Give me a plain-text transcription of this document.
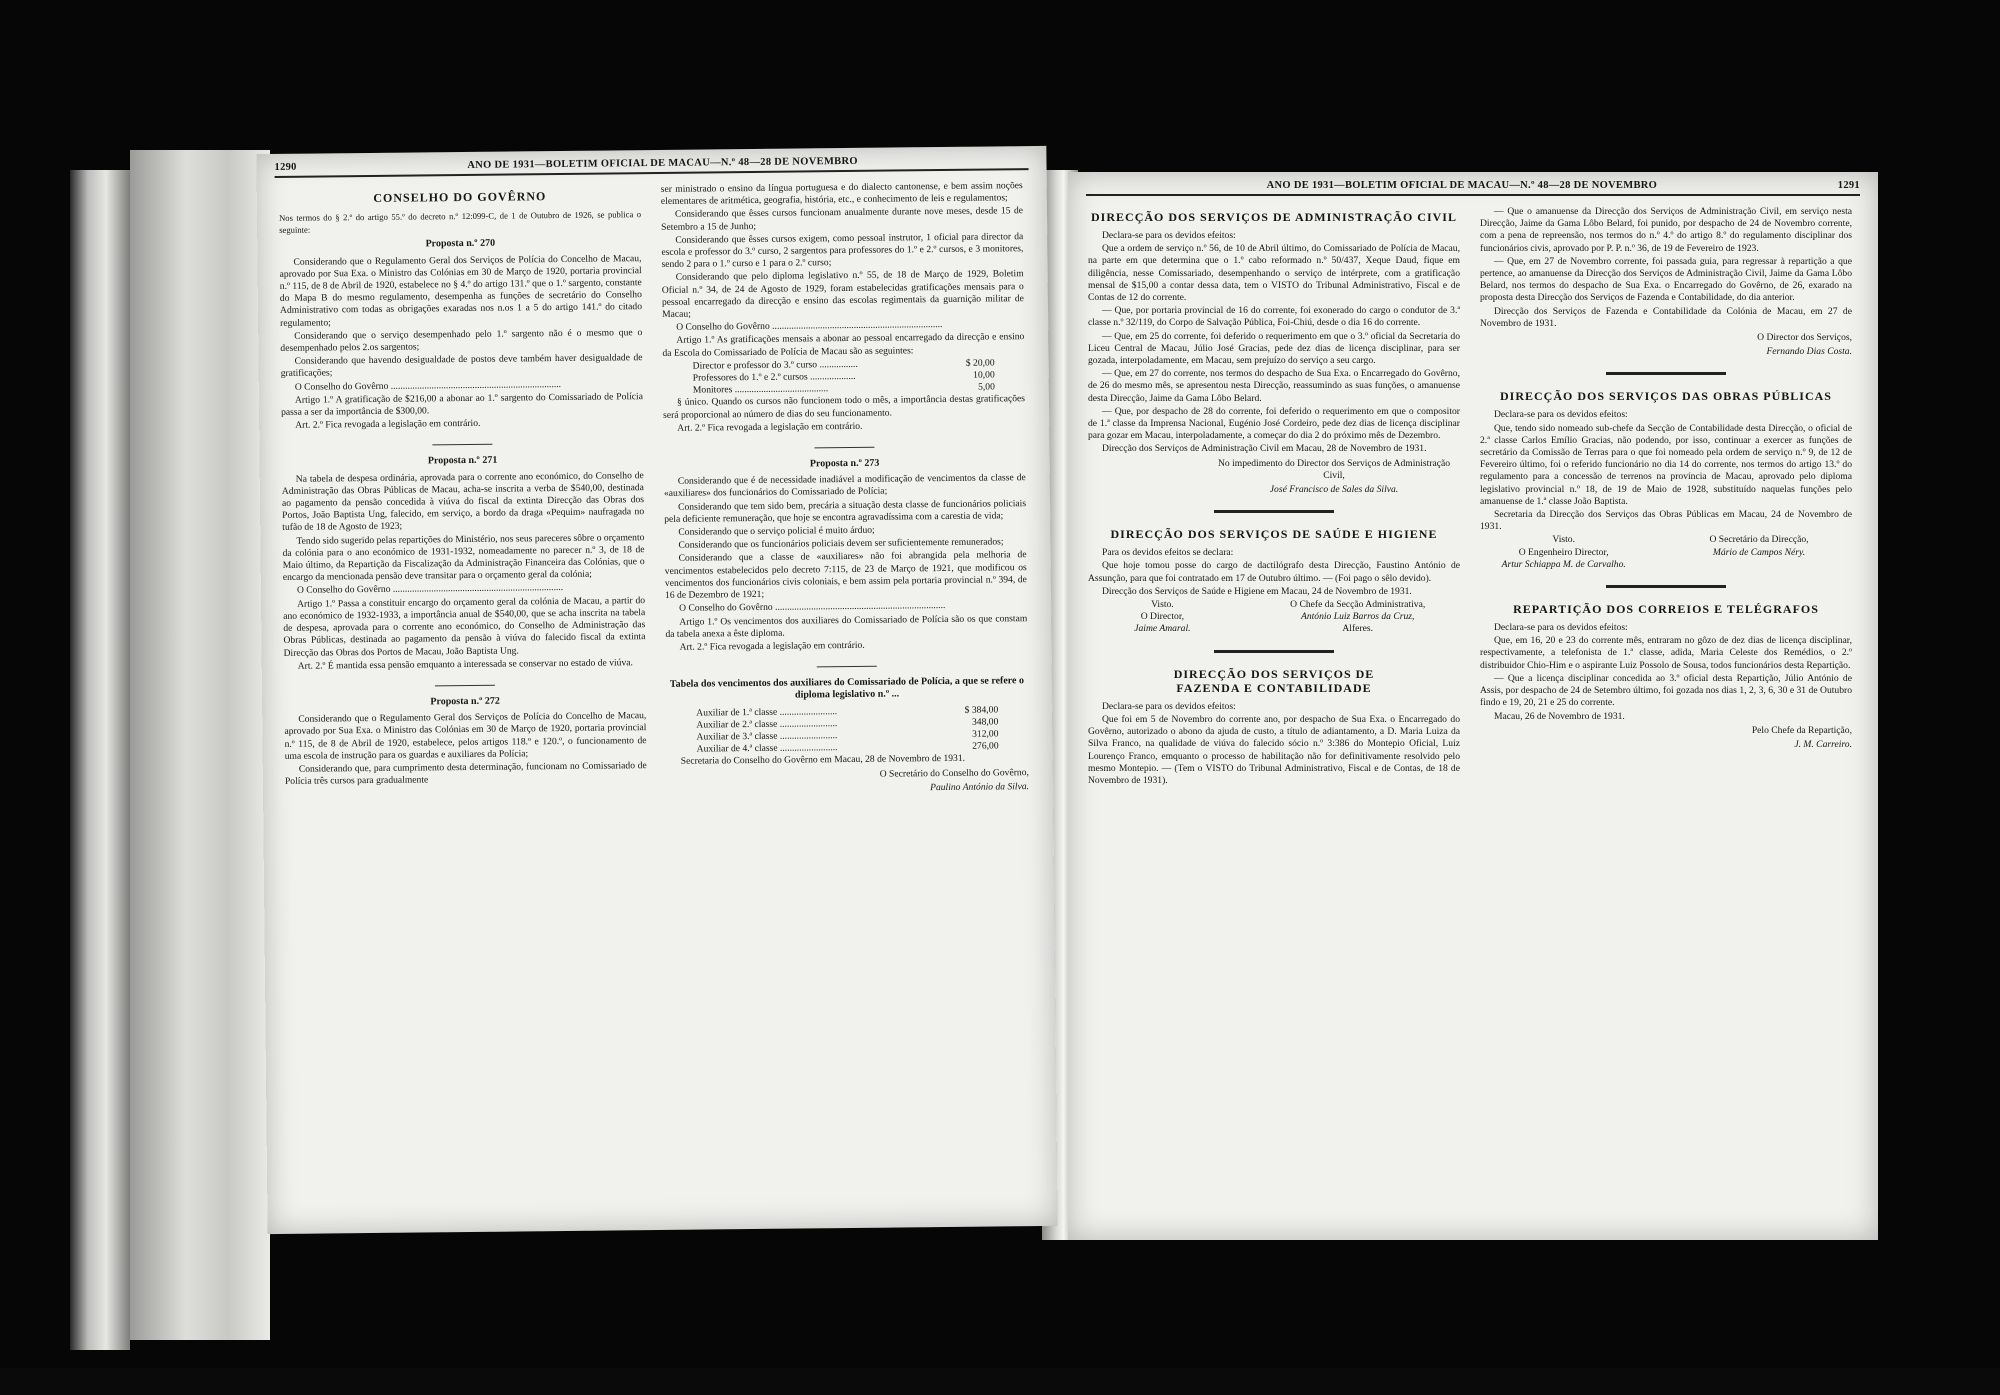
1290	ANO DE 1931—BOLETIM OFICIAL DE MACAU—N.º 48—28 DE NOVEMBRO
CONSELHO DO GOVÊRNO

Nos termos do § 2.º do artigo 55.º do decreto n.º 12:099-C, de 1 de Outubro de 1926, se publica o seguinte:

Proposta n.º 270

Considerando que o Regulamento Geral dos Serviços de Polícia do Concelho de Macau, aprovado por Sua Exa. o Ministro das Colónias em 30 de Março de 1920, portaria provincial n.º 115, de 8 de Abril de 1920, estabelece no § 4.º do artigo 131.º que o 1.º sargento, constante do Mapa B do mesmo regulamento, desempenha as funções de secretário do Conselho Administrativo com todas as obrigações exaradas nos n.os 1 a 5 do artigo 141.º do citado regulamento;

Considerando que o serviço desempenhado pelo 1.º sargento não é o mesmo que o desempenhado pelos 2.os sargentos;

Considerando que havendo desigualdade de postos deve também haver desigualdade de gratificações;

O Conselho do Govêrno .......................................................................

Artigo 1.º A gratificação de $216,00 a abonar ao 1.º sargento do Comissariado de Polícia passa a ser da importância de $300,00.

Art. 2.º Fica revogada a legislação em contrário.

Proposta n.º 271

Na tabela de despesa ordinária, aprovada para o corrente ano económico, do Conselho de Administração das Obras Públicas de Macau, acha-se inscrita a verba de $540,00, destinada ao pagamento da pensão concedida à viúva do fiscal da extinta Direcção das Obras dos Portos, João Baptista Ung, falecido, em serviço, a bordo da draga «Pequim» naufragada no tufão de 18 de Agosto de 1923;

Tendo sido sugerido pelas repartições do Ministério, nos seus pareceres sôbre o orçamento da colónia para o ano económico de 1931-1932, nomeadamente no parecer n.º 3, de 18 de Maio último, da Repartição da Fiscalização da Administração Financeira das Colónias, que o encargo da mencionada pensão deve transitar para o orçamento geral da colónia;

O Conselho do Govêrno .......................................................................

Artigo 1.º Passa a constituir encargo do orçamento geral da colónia de Macau, a partir do ano económico de 1932-1933, a importância anual de $540,00, que se acha inscrita na tabela de despesa, aprovada para o corrente ano económico, do Conselho de Administração das Obras Públicas, destinada ao pagamento da pensão à viúva do falecido fiscal da extinta Direcção das Obras dos Portos de Macau, João Baptista Ung.

Art. 2.º É mantida essa pensão emquanto a interessada se conservar no estado de viúva.

Proposta n.º 272

Considerando que o Regulamento Geral dos Serviços de Polícia do Concelho de Macau, aprovado por Sua Exa. o Ministro das Colónias em 30 de Março de 1920, portaria provincial n.º 115, de 8 de Abril de 1920, estabelece, pelos artigos 118.º e 120.º, o funcionamento de uma escola de instrução para os guardas e auxiliares da Polícia;

Considerando que, para cumprimento desta determinação, funcionam no Comissariado de Polícia três cursos para gradualmente

ser ministrado o ensino da língua portuguesa e do dialecto cantonense, e bem assim noções elementares de aritmética, geografia, história, etc., e conhecimento de leis e regulamentos;

Considerando que êsses cursos funcionam anualmente durante nove meses, desde 15 de Setembro a 15 de Junho;

Considerando que êsses cursos exigem, como pessoal instrutor, 1 oficial para director da escola e professor do 3.º curso, 2 sargentos para professores do 1.º e 2.º cursos, e 3 monitores, sendo 2 para o 1.º curso e 1 para o 2.º curso;

Considerando que pelo diploma legislativo n.º 55, de 18 de Março de 1929, Boletim Oficial n.º 34, de 24 de Agosto de 1929, foram estabelecidas gratificações mensais para o pessoal encarregado da direcção e ensino das escolas regimentais da guarnição militar de Macau;

O Conselho do Govêrno .......................................................................

Artigo 1.º As gratificações mensais a abonar ao pessoal encarregado da direcção e ensino da Escola do Comissariado de Polícia de Macau são as seguintes:

Director e professor do 3.º curso ................	$ 20,00
Professores do 1.º e 2.º cursos ...................	10,00
Monitores .......................................	5,00

§ único. Quando os cursos não funcionem todo o mês, a importância destas gratificações será proporcional ao número de dias do seu funcionamento.

Art. 2.º Fica revogada a legislação em contrário.

Proposta n.º 273

Considerando que é de necessidade inadiável a modificação de vencimentos da classe de «auxiliares» dos funcionários do Comissariado de Polícia;

Considerando que tem sido bem, precária a situação desta classe de funcionários policiais pela deficiente remuneração, que hoje se encontra agravadíssima com a carestia de vida;

Considerando que o serviço policial é muito árduo;

Considerando que os funcionários policiais devem ser suficientemente remunerados;

Considerando que a classe de «auxiliares» não foi abrangida pela melhoria de vencimentos estabelecidos pelo decreto 7:115, de 23 de Março de 1921, que modificou os vencimentos dos funcionários civis coloniais, e bem assim pela portaria provincial n.º 394, de 16 de Dezembro de 1921;

O Conselho do Govêrno .......................................................................

Artigo 1.º Os vencimentos dos auxiliares do Comissariado de Polícia são os que constam da tabela anexa a êste diploma.

Art. 2.º Fica revogada a legislação em contrário.

Tabela dos vencimentos dos auxiliares do Comissariado de Polícia, a que se refere o diploma legislativo n.º ...
Auxiliar de 1.ª classe ........................	$ 384,00
Auxiliar de 2.ª classe ........................	348,00
Auxiliar de 3.ª classe ........................	312,00
Auxiliar de 4.ª classe ........................	276,00

Secretaria do Conselho do Govêrno em Macau, 28 de Novembro de 1931.

O Secretário do Conselho do Govêrno,
Paulino António da Silva.
ANO DE 1931—BOLETIM OFICIAL DE MACAU—N.º 48—28 DE NOVEMBRO	1291
DIRECÇÃO DOS SERVIÇOS DE ADMINISTRAÇÃO CIVIL

Declara-se para os devidos efeitos:

Que a ordem de serviço n.º 56, de 10 de Abril último, do Comissariado de Polícia de Macau, na parte em que determina que o 1.º cabo reformado n.º 50/437, Xeque Daud, fique em diligência, nesse Comissariado, desempenhando o serviço de intérprete, com a gratificação mensal de $15,00 a contar dessa data, tem o VISTO do Tribunal Administrativo, Fiscal e de Contas de 12 do corrente.

— Que, por portaria provincial de 16 do corrente, foi exonerado do cargo o condutor de 3.ª classe n.º 32/119, do Corpo de Salvação Pública, Foi-Chiú, desde o dia 16 do corrente.

— Que, em 25 do corrente, foi deferido o requerimento em que o 3.º oficial da Secretaria do Liceu Central de Macau, Júlio José Gracias, pede dez dias de licença disciplinar, para ser gozada, interpoladamente, em Macau, sem prejuízo do serviço a seu cargo.

— Que, em 27 do corrente, nos termos do despacho de Sua Exa. o Encarregado do Govêrno, de 26 do mesmo mês, se apresentou nesta Direcção, reassumindo as suas funções, o amanuense desta Direcção, Jaime da Gama Lôbo Belard.

— Que, por despacho de 28 do corrente, foi deferido o requerimento em que o compositor de 1.ª classe da Imprensa Nacional, Eugénio José Cordeiro, pede dez dias de licença disciplinar para gozar em Macau, interpoladamente, a começar do dia 2 do próximo mês de Dezembro.

Direcção dos Serviços de Administração Civil em Macau, 28 de Novembro de 1931.

No impedimento do Director dos Serviços de Administração Civil,
José Francisco de Sales da Silva.
DIRECÇÃO DOS SERVIÇOS DE SAÚDE E HIGIENE

Para os devidos efeitos se declara:

Que hoje tomou posse do cargo de dactilógrafo desta Direcção, Faustino António de Assunção, para que foi contratado em 17 de Outubro último. — (Foi pago o sêlo devido).

Direcção dos Serviços de Saúde e Higiene em Macau, 24 de Novembro de 1931.

Visto.
O Director,
Jaime Amaral.
O Chefe da Secção Administrativa,
António Luiz Barros da Cruz,
Alferes.
DIRECÇÃO DOS SERVIÇOS DE FAZENDA E CONTABILIDADE

Declara-se para os devidos efeitos:

Que foi em 5 de Novembro do corrente ano, por despacho de Sua Exa. o Encarregado do Govêrno, autorizado o abono da ajuda de custo, a título de adiantamento, a D. Maria Luiza da Silva Franco, na qualidade de viúva do falecido sócio n.º 3:386 do Montepio Oficial, Luiz Lourenço Franco, emquanto o processo de habilitação não for definitivamente resolvido pelo mesmo Montepio. — (Tem o VISTO do Tribunal Administrativo, Fiscal e de Contas, de 18 de Novembro de 1931).

— Que o amanuense da Direcção dos Serviços de Administração Civil, em serviço nesta Direcção, Jaime da Gama Lôbo Belard, foi punido, por despacho de 24 de Novembro corrente, com a pena de repreensão, nos termos do n.º 4.º do artigo 8.º do regulamento disciplinar dos funcionários civis, aprovado por P. P. n.º 36, de 19 de Fevereiro de 1923.

— Que, em 27 de Novembro corrente, foi passada guia, para regressar à repartição a que pertence, ao amanuense da Direcção dos Serviços de Administração Civil, Jaime da Gama Lôbo Belard, nos termos do despacho de Sua Exa. o Encarregado do Govêrno, de 26, exarado na proposta desta Direcção dos Serviços de Fazenda e Contabilidade, do dia anterior.

Direcção dos Serviços de Fazenda e Contabilidade da Colónia de Macau, em 27 de Novembro de 1931.

O Director dos Serviços,
Fernando Dias Costa.
DIRECÇÃO DOS SERVIÇOS DAS OBRAS PÚBLICAS

Declara-se para os devidos efeitos:

Que, tendo sido nomeado sub-chefe da Secção de Contabilidade desta Direcção, o oficial de 2.ª classe Carlos Emílio Gracias, não podendo, por isso, continuar a exercer as funções de secretário da Comissão de Terras para o que foi nomeado pela ordem de serviço n.º 9, de 12 de Fevereiro último, foi o referido funcionário no dia 14 do corrente, nos termos do artigo 13.º do regulamento para a concessão de terrenos na província de Macau, aprovado pelo diploma legislativo provincial n.º 18, de 19 de Maio de 1928, substituído naquelas funções pelo amanuense de 1.ª classe João Baptista.

Secretaria da Direcção dos Serviços das Obras Públicas em Macau, 24 de Novembro de 1931.

Visto.
O Engenheiro Director,
Artur Schiappa M. de Carvalho.
O Secretário da Direcção,
Mário de Campos Néry.
REPARTIÇÃO DOS CORREIOS E TELÉGRAFOS

Declara-se para os devidos efeitos:

Que, em 16, 20 e 23 do corrente mês, entraram no gôzo de dez dias de licença disciplinar, respectivamente, a telefonista de 1.ª classe, adida, Maria Celeste dos Remédios, o 2.º distribuidor Chio-Him e o aspirante Luiz Possolo de Sousa, todos funcionários desta Repartição.

— Que a licença disciplinar concedida ao 3.º oficial desta Repartição, Júlio António de Assis, por despacho de 24 de Setembro último, foi gozada nos dias 1, 2, 3, 6, 30 e 31 de Outubro findo e 19, 20, 21 e 25 do corrente.

Macau, 26 de Novembro de 1931.

Pelo Chefe da Repartição,
J. M. Carreiro.
